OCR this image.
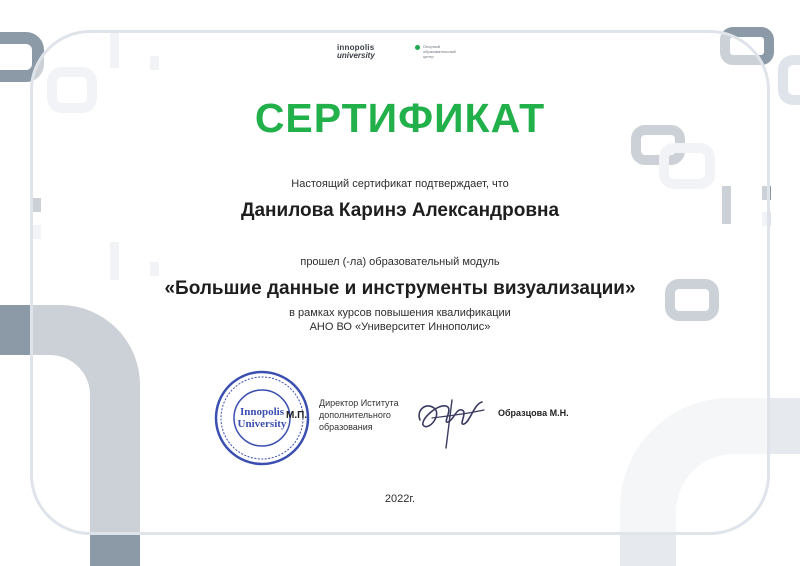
innopolis
university
Опорный образовательный центр
СЕРТИФИКАТ
Настоящий сертификат подтверждает, что
Данилова Каринэ Александровна
прошел (-ла) образовательный модуль
«Большие данные и инструменты визуализации»
в рамках курсов повышения квалификации
АНО ВО «Университет Иннополис»
Innopolis
University
М.П.
Директор Иститута дополнительного образования
Образцова М.Н.
2022г.
